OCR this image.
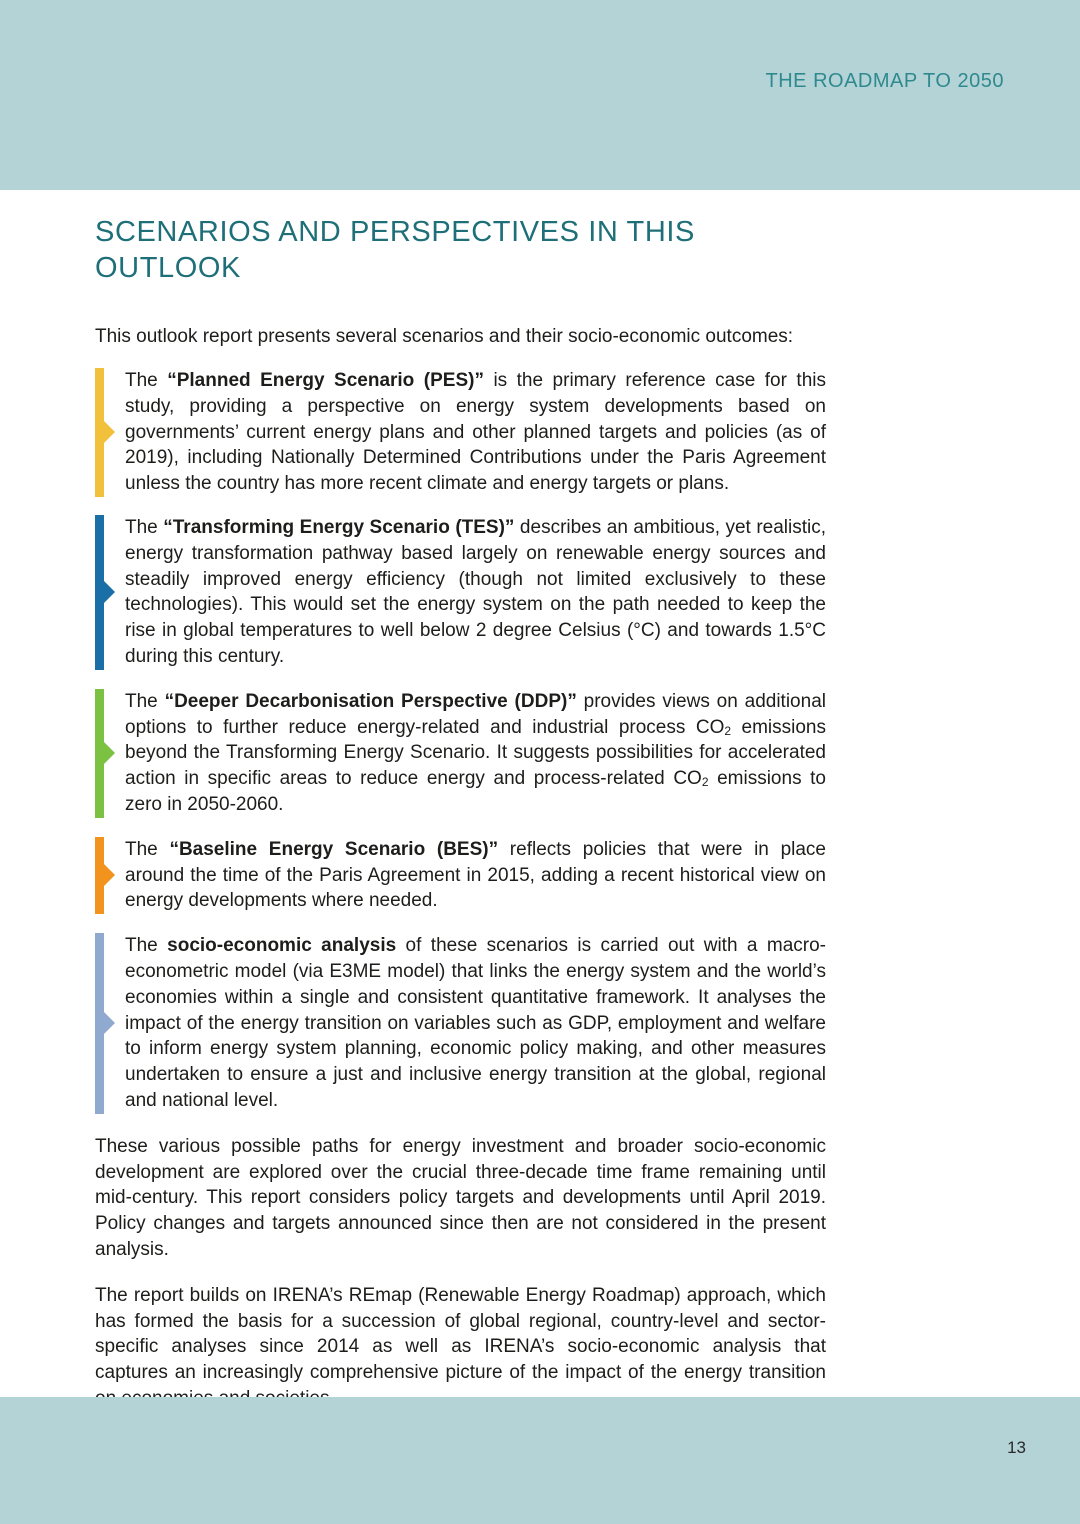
THE ROADMAP TO 2050
SCENARIOS AND PERSPECTIVES IN THIS OUTLOOK

This outlook report presents several scenarios and their socio-economic outcomes:

The “Planned Energy Scenario (PES)” is the primary reference case for this study, providing a perspective on energy system developments based on governments’ current energy plans and other planned targets and policies (as of 2019), including Nationally Determined Contributions under the Paris Agreement unless the country has more recent climate and energy targets or plans.
The “Transforming Energy Scenario (TES)” describes an ambitious, yet realistic, energy transformation pathway based largely on renewable energy sources and steadily improved energy efficiency (though not limited exclusively to these technologies). This would set the energy system on the path needed to keep the rise in global temperatures to well below 2 degree Celsius (°C) and towards 1.5°C during this century.
The “Deeper Decarbonisation Perspective (DDP)” provides views on additional options to further reduce energy-related and industrial process $CO_2$ emissions beyond the Transforming Energy Scenario. It suggests possibilities for accelerated action in specific areas to reduce energy and process-related $CO_2$ emissions to zero in 2050-2060.
The “Baseline Energy Scenario (BES)” reflects policies that were in place around the time of the Paris Agreement in 2015, adding a recent historical view on energy developments where needed.
The socio-economic analysis of these scenarios is carried out with a macro-econometric model (via E3ME model) that links the energy system and the world’s economies within a single and consistent quantitative framework. It analyses the impact of the energy transition on variables such as GDP, employment and welfare to inform energy system planning, economic policy making, and other measures undertaken to ensure a just and inclusive energy transition at the global, regional and national level.

These various possible paths for energy investment and broader socio-economic development are explored over the crucial three-decade time frame remaining until mid-century. This report considers policy targets and developments until April 2019. Policy changes and targets announced since then are not considered in the present analysis.

The report builds on IRENA’s REmap (Renewable Energy Roadmap) approach, which has formed the basis for a succession of global regional, country-level and sector-specific analyses since 2014 as well as IRENA’s socio-economic analysis that captures an increasingly comprehensive picture of the impact of the energy transition

13
